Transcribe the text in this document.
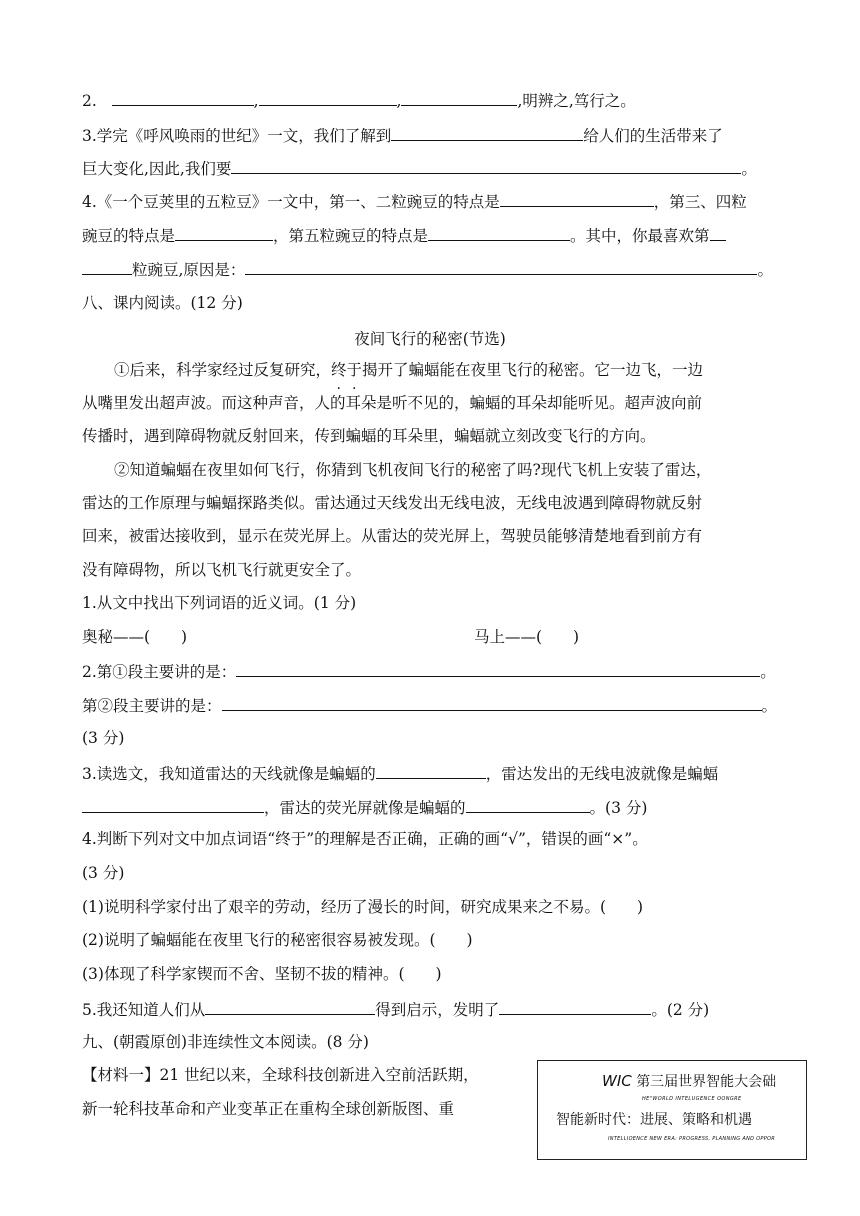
2.	,	,	,明辨之,笃行之。
3.学完《呼风唤雨的世纪》一文，我们了解到	给人们的生活带来了
巨大变化,因此,我们要	。
4.《一个豆荚里的五粒豆》一文中，第一、二粒豌豆的特点是	，第三、四粒
豌豆的特点是	，第五粒豌豆的特点是	。其中，你最喜欢第
粒豌豆,原因是：	。
八、课内阅读。(12 分)
夜间飞行的秘密(节选)
①后来，科学家经过反复研究，终于揭开了蝙蝠能在夜里飞行的秘密。它一边飞，一边
从嘴里发出超声波。而这种声音，人的耳朵是听不见的，蝙蝠的耳朵却能听见。超声波向前
传播时，遇到障碍物就反射回来，传到蝙蝠的耳朵里，蝙蝠就立刻改变飞行的方向。
②知道蝙蝠在夜里如何飞行，你猜到飞机夜间飞行的秘密了吗?现代飞机上安装了雷达，
雷达的工作原理与蝙蝠探路类似。雷达通过天线发出无线电波，无线电波遇到障碍物就反射
回来，被雷达接收到，显示在荧光屏上。从雷达的荧光屏上，驾驶员能够清楚地看到前方有
没有障碍物，所以飞机飞行就更安全了。
1.从文中找出下列词语的近义词。(1 分)
奥秘——(　　)	马上——(　　)
2.第①段主要讲的是：	。
第②段主要讲的是：	。
(3 分)
3.读选文，我知道雷达的天线就像是蝙蝠的	，雷达发出的无线电波就像是蝙蝠
，雷达的荧光屏就像是蝙蝠的	。(3 分)
4.判断下列对文中加点词语“终于”的理解是否正确，正确的画“√”，错误的画“×”。
(3 分)
(1)说明科学家付出了艰辛的劳动，经历了漫长的时间，研究成果来之不易。(　　)
(2)说明了蝙蝠能在夜里飞行的秘密很容易被发现。(　　)
(3)体现了科学家锲而不舍、坚韧不拔的精神。(　　)
5.我还知道人们从	得到启示，发明了	。(2 分)
九、(朝霞原创)非连续性文本阅读。(8 分)
【材料一】21 世纪以来，全球科技创新进入空前活跃期，
新一轮科技革命和产业变革正在重构全球创新版图、重
WIC 第三届世界智能大会础
HE"WORLD INTELUGENCE OONGRE
智能新时代：进展、策略和机遇
INTELLIOENCE NEW ERA: PROGRESS, PLANNING AND OPPOR
